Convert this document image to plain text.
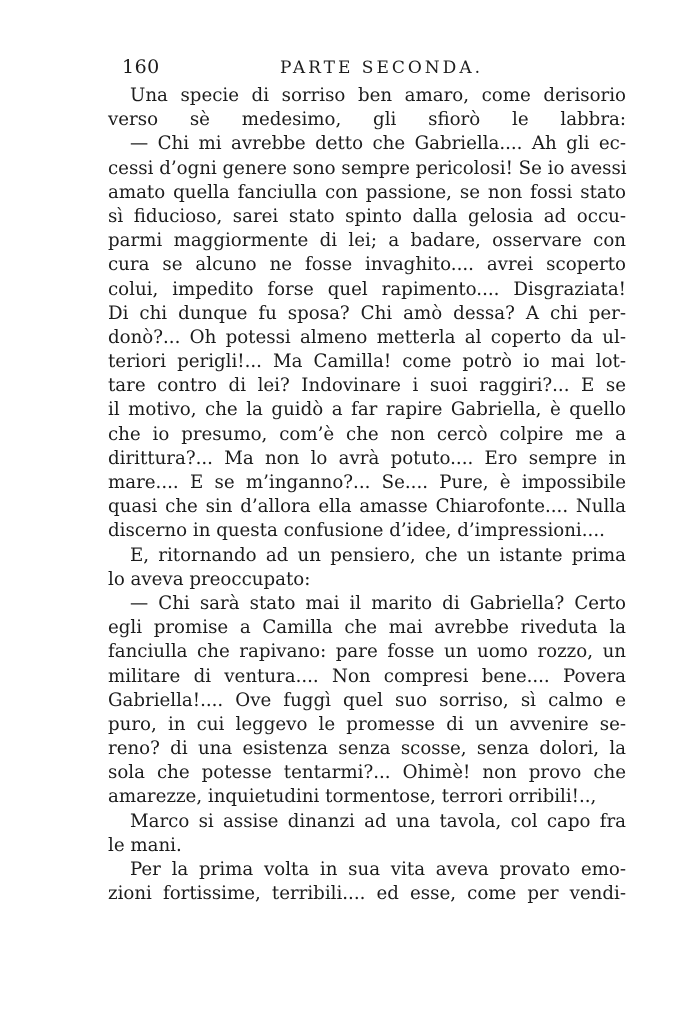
160	PARTE SECONDA.
Una specie di sorriso ben amaro, come derisorio
verso sè medesimo, gli sfiorò le labbra:
— Chi mi avrebbe detto che Gabriella.... Ah gli ec-
cessi d’ogni genere sono sempre pericolosi! Se io avessi
amato quella fanciulla con passione, se non fossi stato
sì fiducioso, sarei stato spinto dalla gelosia ad occu-
parmi maggiormente di lei; a badare, osservare con
cura se alcuno ne fosse invaghito.... avrei scoperto
colui, impedito forse quel rapimento.... Disgraziata!
Di chi dunque fu sposa? Chi amò dessa? A chi per-
donò?... Oh potessi almeno metterla al coperto da ul-
teriori perigli!... Ma Camilla! come potrò io mai lot-
tare contro di lei? Indovinare i suoi raggiri?... E se
il motivo, che la guidò a far rapire Gabriella, è quello
che io presumo, com’è che non cercò colpire me a
dirittura?... Ma non lo avrà potuto.... Ero sempre in
mare.... E se m’inganno?... Se.... Pure, è impossibile
quasi che sin d’allora ella amasse Chiarofonte.... Nulla
discerno in questa confusione d’idee, d’impressioni....
E, ritornando ad un pensiero, che un istante prima
lo aveva preoccupato:
— Chi sarà stato mai il marito di Gabriella? Certo
egli promise a Camilla che mai avrebbe riveduta la
fanciulla che rapivano: pare fosse un uomo rozzo, un
militare di ventura.... Non compresi bene.... Povera
Gabriella!.... Ove fuggì quel suo sorriso, sì calmo e
puro, in cui leggevo le promesse di un avvenire se-
reno? di una esistenza senza scosse, senza dolori, la
sola che potesse tentarmi?... Ohimè! non provo che
amarezze, inquietudini tormentose, terrori orribili!..,
Marco si assise dinanzi ad una tavola, col capo fra
le mani.
Per la prima volta in sua vita aveva provato emo-
zioni fortissime, terribili.... ed esse, come per vendi-
